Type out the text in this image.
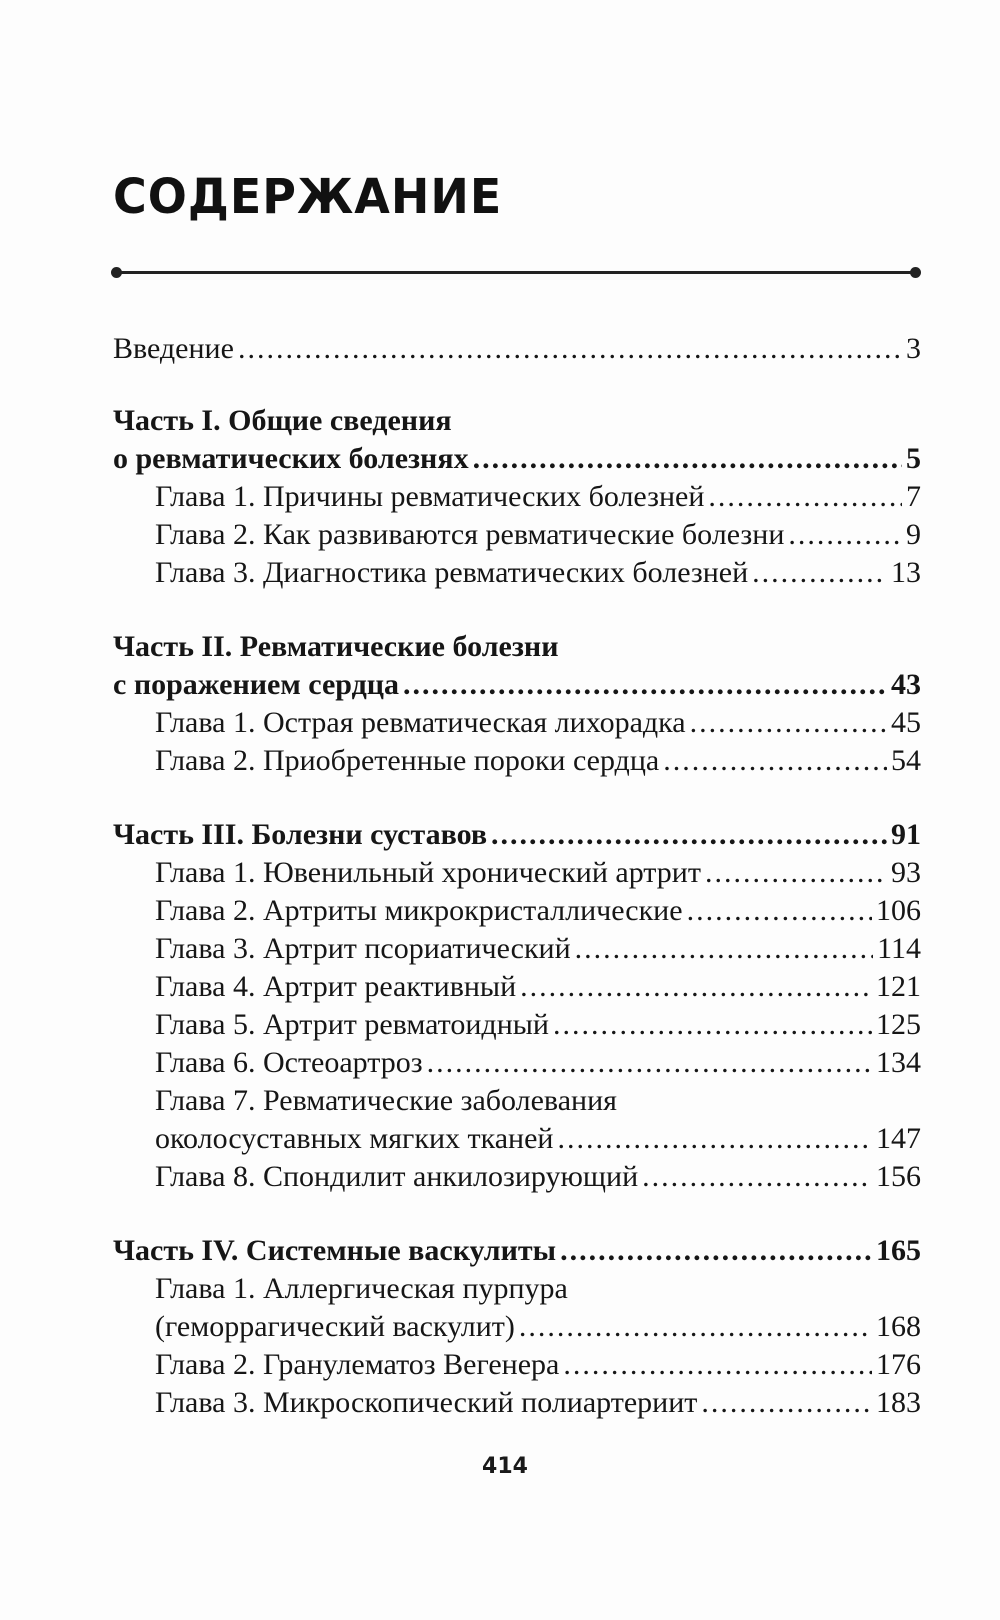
СОДЕРЖАНИЕ
Введение .....	3
Часть I. Общие сведения
о ревматических болезнях .....	5
Глава 1. Причины ревматических болезней .....	7
Глава 2. Как развиваются ревматические болезни .....	9
Глава 3. Диагностика ревматических болезней .....	13
Часть II. Ревматические болезни
с поражением сердца .....	43
Глава 1. Острая ревматическая лихорадка .....	45
Глава 2. Приобретенные пороки сердца .....	54
Часть III. Болезни суставов .....	91
Глава 1. Ювенильный хронический артрит .....	93
Глава 2. Артриты микрокристаллические .....	106
Глава 3. Артрит псориатический .....	114
Глава 4. Артрит реактивный .....	121
Глава 5. Артрит ревматоидный .....	125
Глава 6. Остеоартроз .....	134
Глава 7. Ревматические заболевания
околосуставных мягких тканей .....	147
Глава 8. Спондилит анкилозирующий .....	156
Часть IV. Системные васкулиты .....	165
Глава 1. Аллергическая пурпура
(геморрагический васкулит) .....	168
Глава 2. Гранулематоз Вегенера .....	176
Глава 3. Микроскопический полиартериит .....	183
414
